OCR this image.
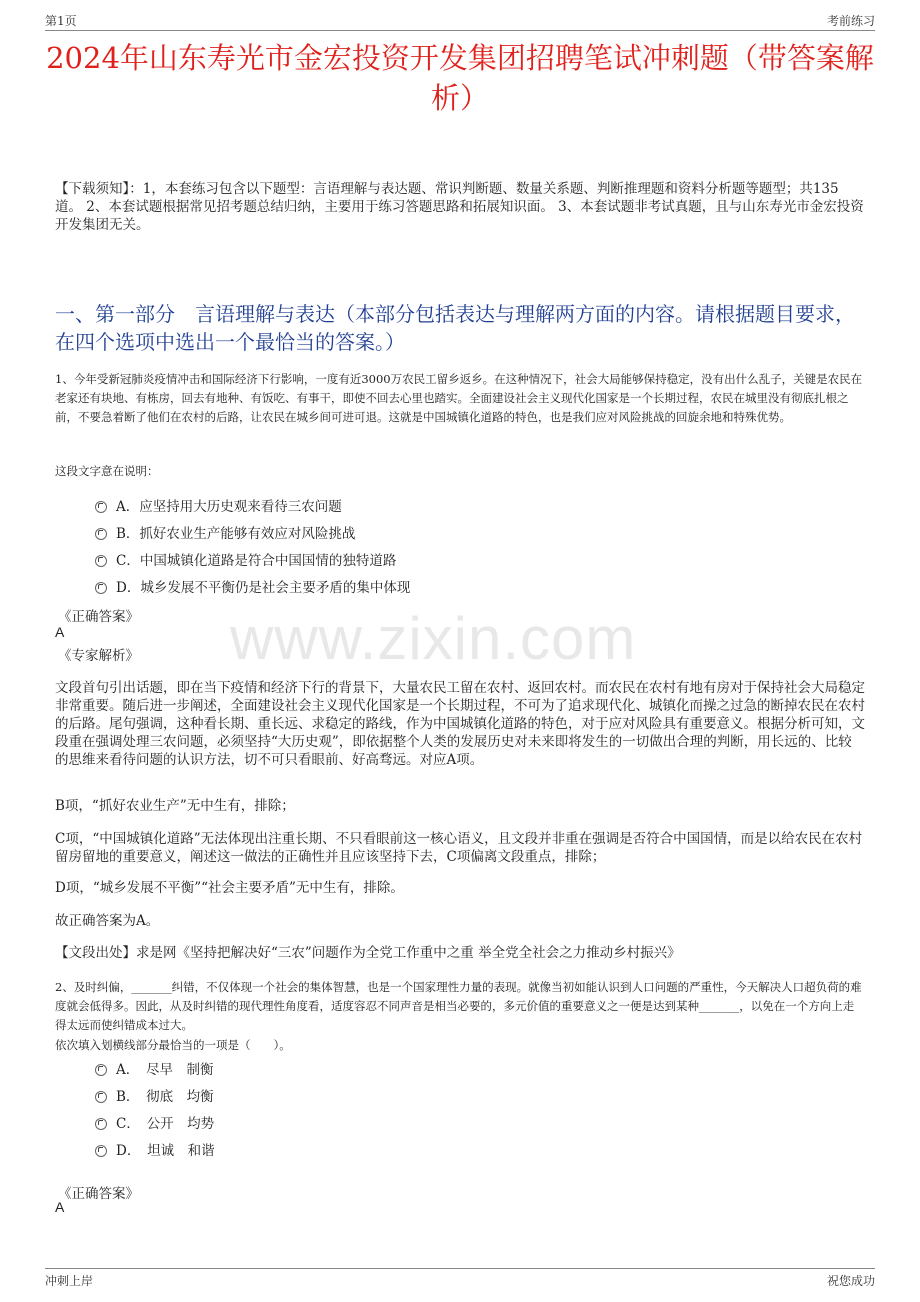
第1页	考前练习
2024年山东寿光市金宏投资开发集团招聘笔试冲刺题（带答案解析）

【下载须知】：1，本套练习包含以下题型：言语理解与表达题、常识判断题、数量关系题、判断推理题和资料分析题等题型；共135道。 2、本套试题根据常见招考题总结归纳，主要用于练习答题思路和拓展知识面。 3、本套试题非考试真题，且与山东寿光市金宏投资开发集团无关。

一、第一部分　言语理解与表达（本部分包括表达与理解两方面的内容。请根据题目要求，在四个选项中选出一个最恰当的答案。）

1、今年受新冠肺炎疫情冲击和国际经济下行影响，一度有近3000万农民工留乡返乡。在这种情况下，社会大局能够保持稳定，没有出什么乱子，关键是农民在老家还有块地、有栋房，回去有地种、有饭吃、有事干，即使不回去心里也踏实。全面建设社会主义现代化国家是一个长期过程，农民在城里没有彻底扎根之前，不要急着断了他们在农村的后路，让农民在城乡间可进可退。这就是中国城镇化道路的特色，也是我们应对风险挑战的回旋余地和特殊优势。

这段文字意在说明：

A．应坚持用大历史观来看待三农问题
B．抓好农业生产能够有效应对风险挑战
C．中国城镇化道路是符合中国国情的独特道路
D．城乡发展不平衡仍是社会主要矛盾的集中体现
www.zixin.com

《正确答案》

A

《专家解析》

文段首句引出话题，即在当下疫情和经济下行的背景下，大量农民工留在农村、返回农村。而农民在农村有地有房对于保持社会大局稳定非常重要。随后进一步阐述，全面建设社会主义现代化国家是一个长期过程，不可为了追求现代化、城镇化而操之过急的断掉农民在农村的后路。尾句强调，这种看长期、重长远、求稳定的路线，作为中国城镇化道路的特色，对于应对风险具有重要意义。根据分析可知，文段重在强调处理三农问题，必须坚持“大历史观”，即依据整个人类的发展历史对未来即将发生的一切做出合理的判断，用长远的、比较的思维来看待问题的认识方法，切不可只看眼前、好高骛远。对应A项。

B项，“抓好农业生产”无中生有，排除；

C项，“中国城镇化道路”无法体现出注重长期、不只看眼前这一核心语义，且文段并非重在强调是否符合中国国情，而是以给农民在农村留房留地的重要意义，阐述这一做法的正确性并且应该坚持下去，C项偏离文段重点，排除；

D项，“城乡发展不平衡”“社会主要矛盾”无中生有，排除。

故正确答案为A。

【文段出处】求是网《坚持把解决好“三农”问题作为全党工作重中之重 举全党全社会之力推动乡村振兴》

2、及时纠偏，_______纠错，不仅体现一个社会的集体智慧，也是一个国家理性力量的表现。就像当初如能认识到人口问题的严重性，今天解决人口超负荷的难度就会低得多。因此，从及时纠错的现代理性角度看，适度容忍不同声音是相当必要的，多元价值的重要意义之一便是达到某种_______，以免在一个方向上走得太远而使纠错成本过大。

依次填入划横线部分最恰当的一项是（　　）。

A．　尽早　制衡
B．　彻底　均衡
C．　公开　均势
D．　坦诚　和谐

《正确答案》

A

冲刺上岸	祝您成功
